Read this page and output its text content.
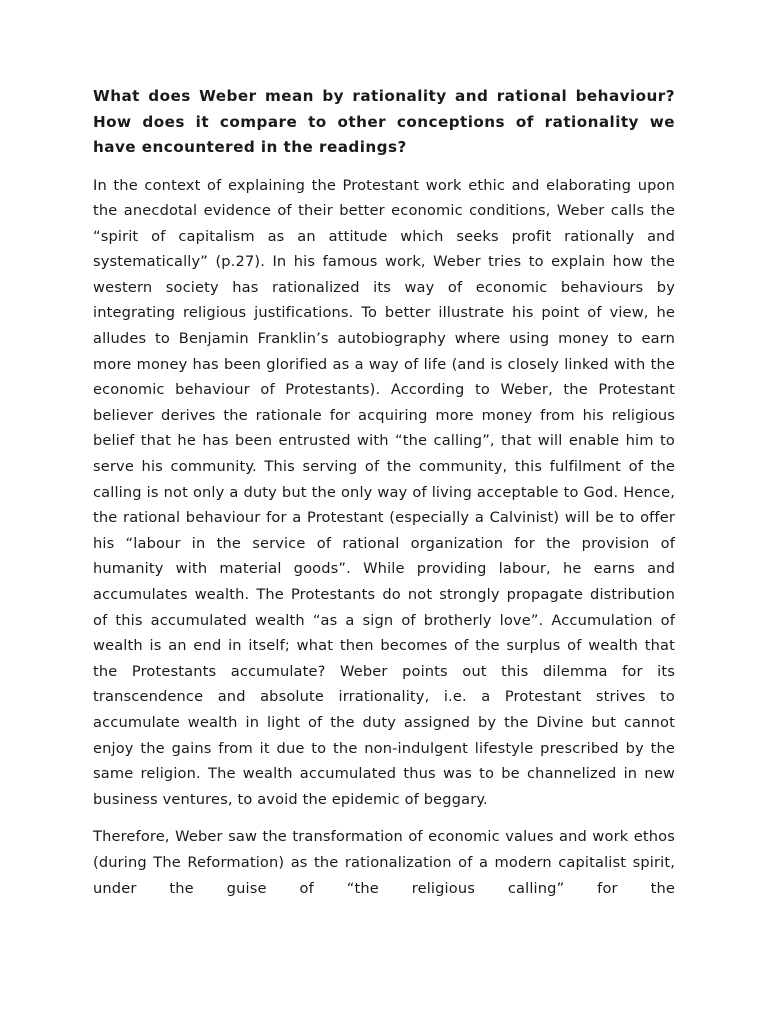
What does Weber mean by rationality and rational behaviour? How does it compare to other conceptions of rationality we have encountered in the readings?

In the context of explaining the Protestant work ethic and elaborating upon the anecdotal evidence of their better economic conditions, Weber calls the “spirit of capitalism as an attitude which seeks profit rationally and systematically” (p.27). In his famous work, Weber tries to explain how the western society has rationalized its way of economic behaviours by integrating religious justifications. To better illustrate his point of view, he alludes to Benjamin Franklin’s autobiography where using money to earn more money has been glorified as a way of life (and is closely linked with the economic behaviour of Protestants). According to Weber, the Protestant believer derives the rationale for acquiring more money from his religious belief that he has been entrusted with “the calling”, that will enable him to serve his community. This serving of the community, this fulfilment of the calling is not only a duty but the only way of living acceptable to God. Hence, the rational behaviour for a Protestant (especially a Calvinist) will be to offer his “labour in the service of rational organization for the provision of humanity with material goods”. While providing labour, he earns and accumulates wealth. The Protestants do not strongly propagate distribution of this accumulated wealth “as a sign of brotherly love”. Accumulation of wealth is an end in itself; what then becomes of the surplus of wealth that the Protestants accumulate? Weber points out this dilemma for its transcendence and absolute irrationality, i.e. a Protestant strives to accumulate wealth in light of the duty assigned by the Divine but cannot enjoy the gains from it due to the non-indulgent lifestyle prescribed by the same religion. The wealth accumulated thus was to be channelized in new business ventures, to avoid the epidemic of beggary.

Therefore, Weber saw the transformation of economic values and work ethos (during The Reformation) as the rationalization of a modern capitalist spirit, under the guise of “the religious calling” for the
